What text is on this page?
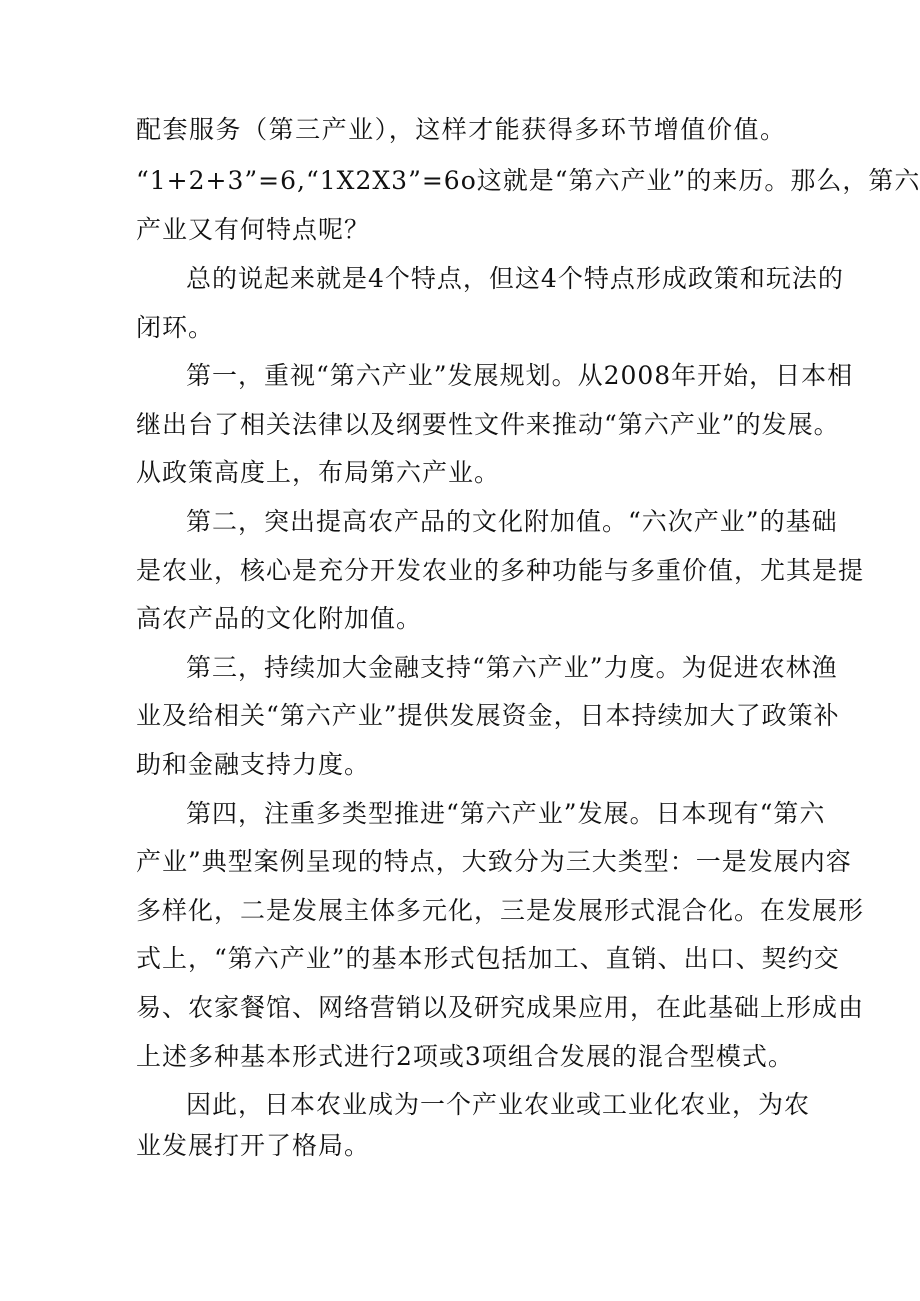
配套服务（第三产业），这样才能获得多环节增值价值。
“1+2+3”=6,“1X2X3”=6o这就是“第六产业”的来历。那么，第六
产业又有何特点呢？
总的说起来就是4个特点，但这4个特点形成政策和玩法的
闭环。
第一，重视“第六产业”发展规划。从2008年开始，日本相
继出台了相关法律以及纲要性文件来推动“第六产业”的发展。
从政策高度上，布局第六产业。
第二，突出提高农产品的文化附加值。“六次产业”的基础
是农业，核心是充分开发农业的多种功能与多重价值，尤其是提
高农产品的文化附加值。
第三，持续加大金融支持“第六产业”力度。为促进农林渔
业及给相关“第六产业”提供发展资金，日本持续加大了政策补
助和金融支持力度。
第四，注重多类型推进“第六产业”发展。日本现有“第六
产业”典型案例呈现的特点，大致分为三大类型：一是发展内容
多样化，二是发展主体多元化，三是发展形式混合化。在发展形
式上，“第六产业”的基本形式包括加工、直销、出口、契约交
易、农家餐馆、网络营销以及研究成果应用，在此基础上形成由
上述多种基本形式进行2项或3项组合发展的混合型模式。
因此，日本农业成为一个产业农业或工业化农业，为农
业发展打开了格局。
